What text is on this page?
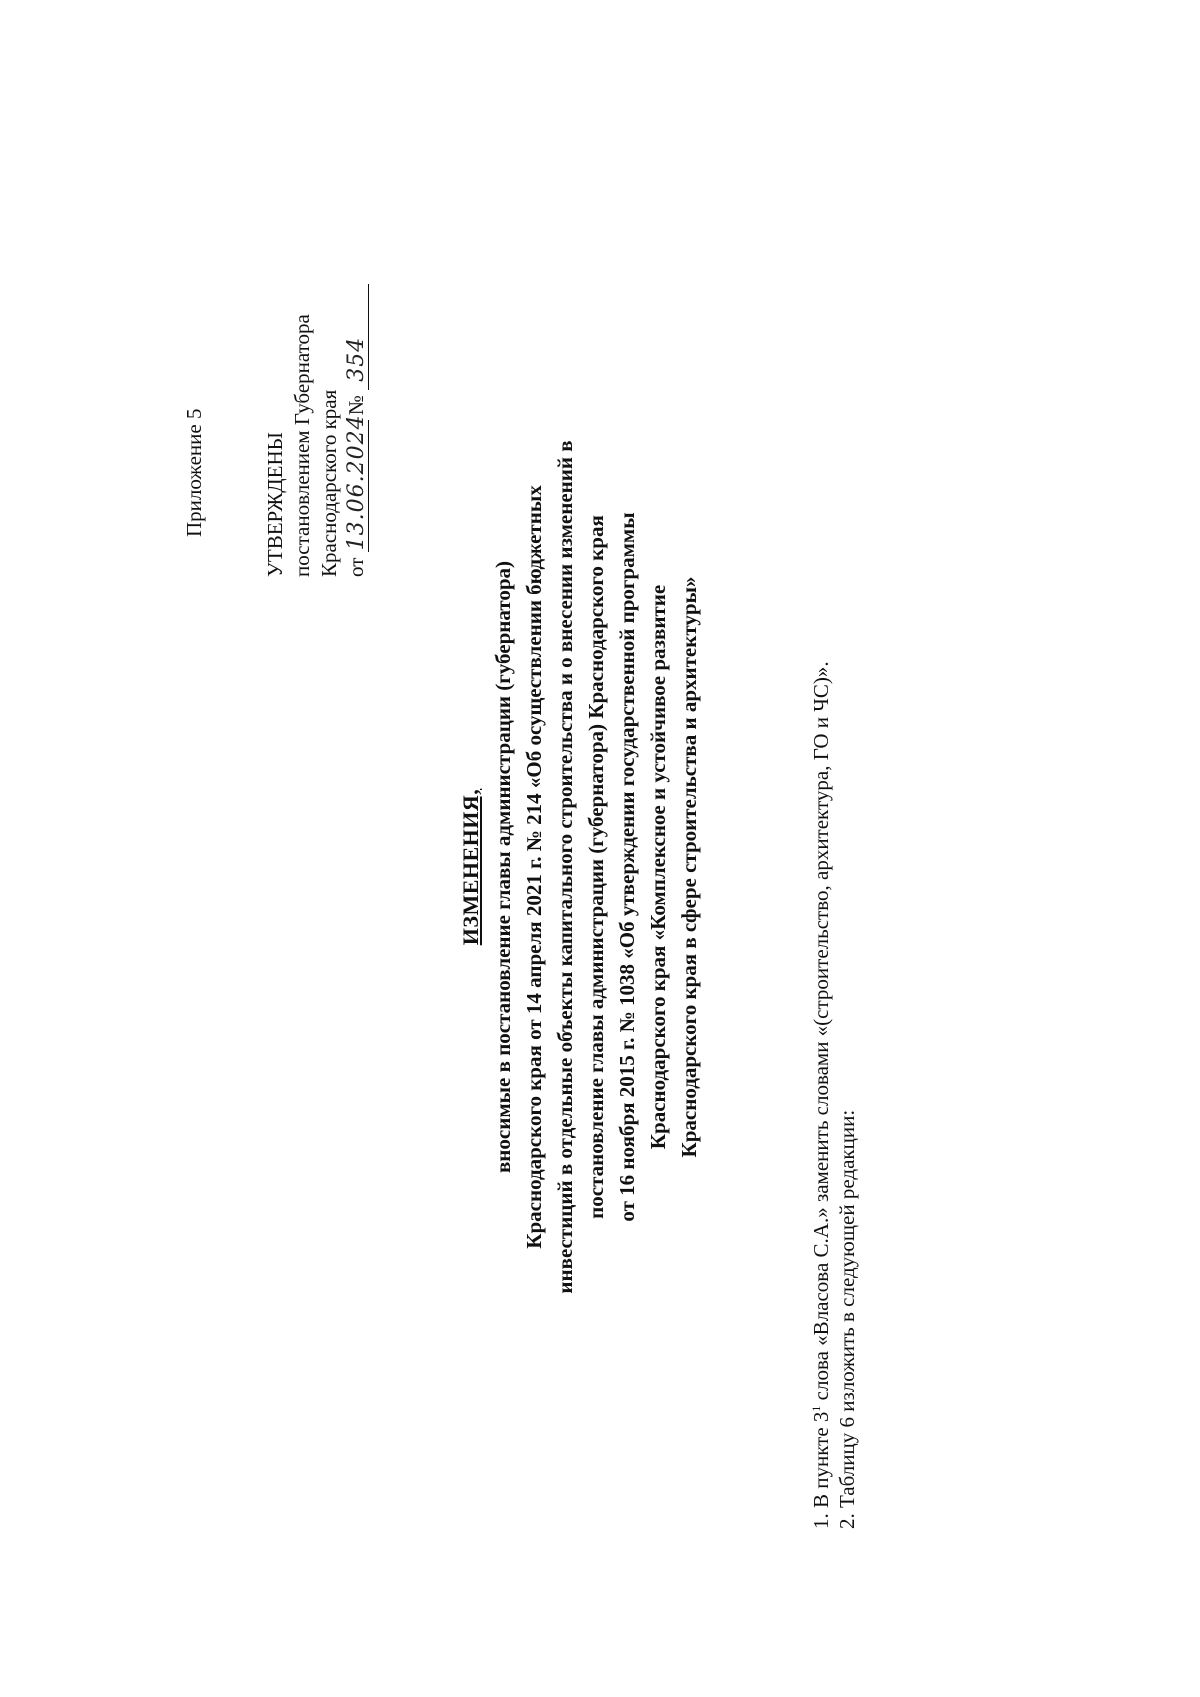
Приложение 5	УТВЕРЖДЕНЫ постановлением Губернатора Краснодарского края от 13.06.2024 № 354
ИЗМЕНЕНИЯ, вносимые в постановление главы администрации (губернатора) Краснодарского края от 14 апреля 2021 г. № 214 «Об осуществлении бюджетных инвестиций в отдельные объекты капитального строительства и о внесении изменений в постановление главы администрации (губернатора) Краснодарского края от 16 ноября 2015 г. № 1038 «Об утверждении государственной программы Краснодарского края «Комплексное и устойчивое развитие Краснодарского края в сфере строительства и архитектуры»
1. В пункте $3^1$ слова «Власова С.А.» заменить словами «(строительство, архитектура, ГО и ЧС)». 2. Таблицу 6 изложить в следующей редакции:
